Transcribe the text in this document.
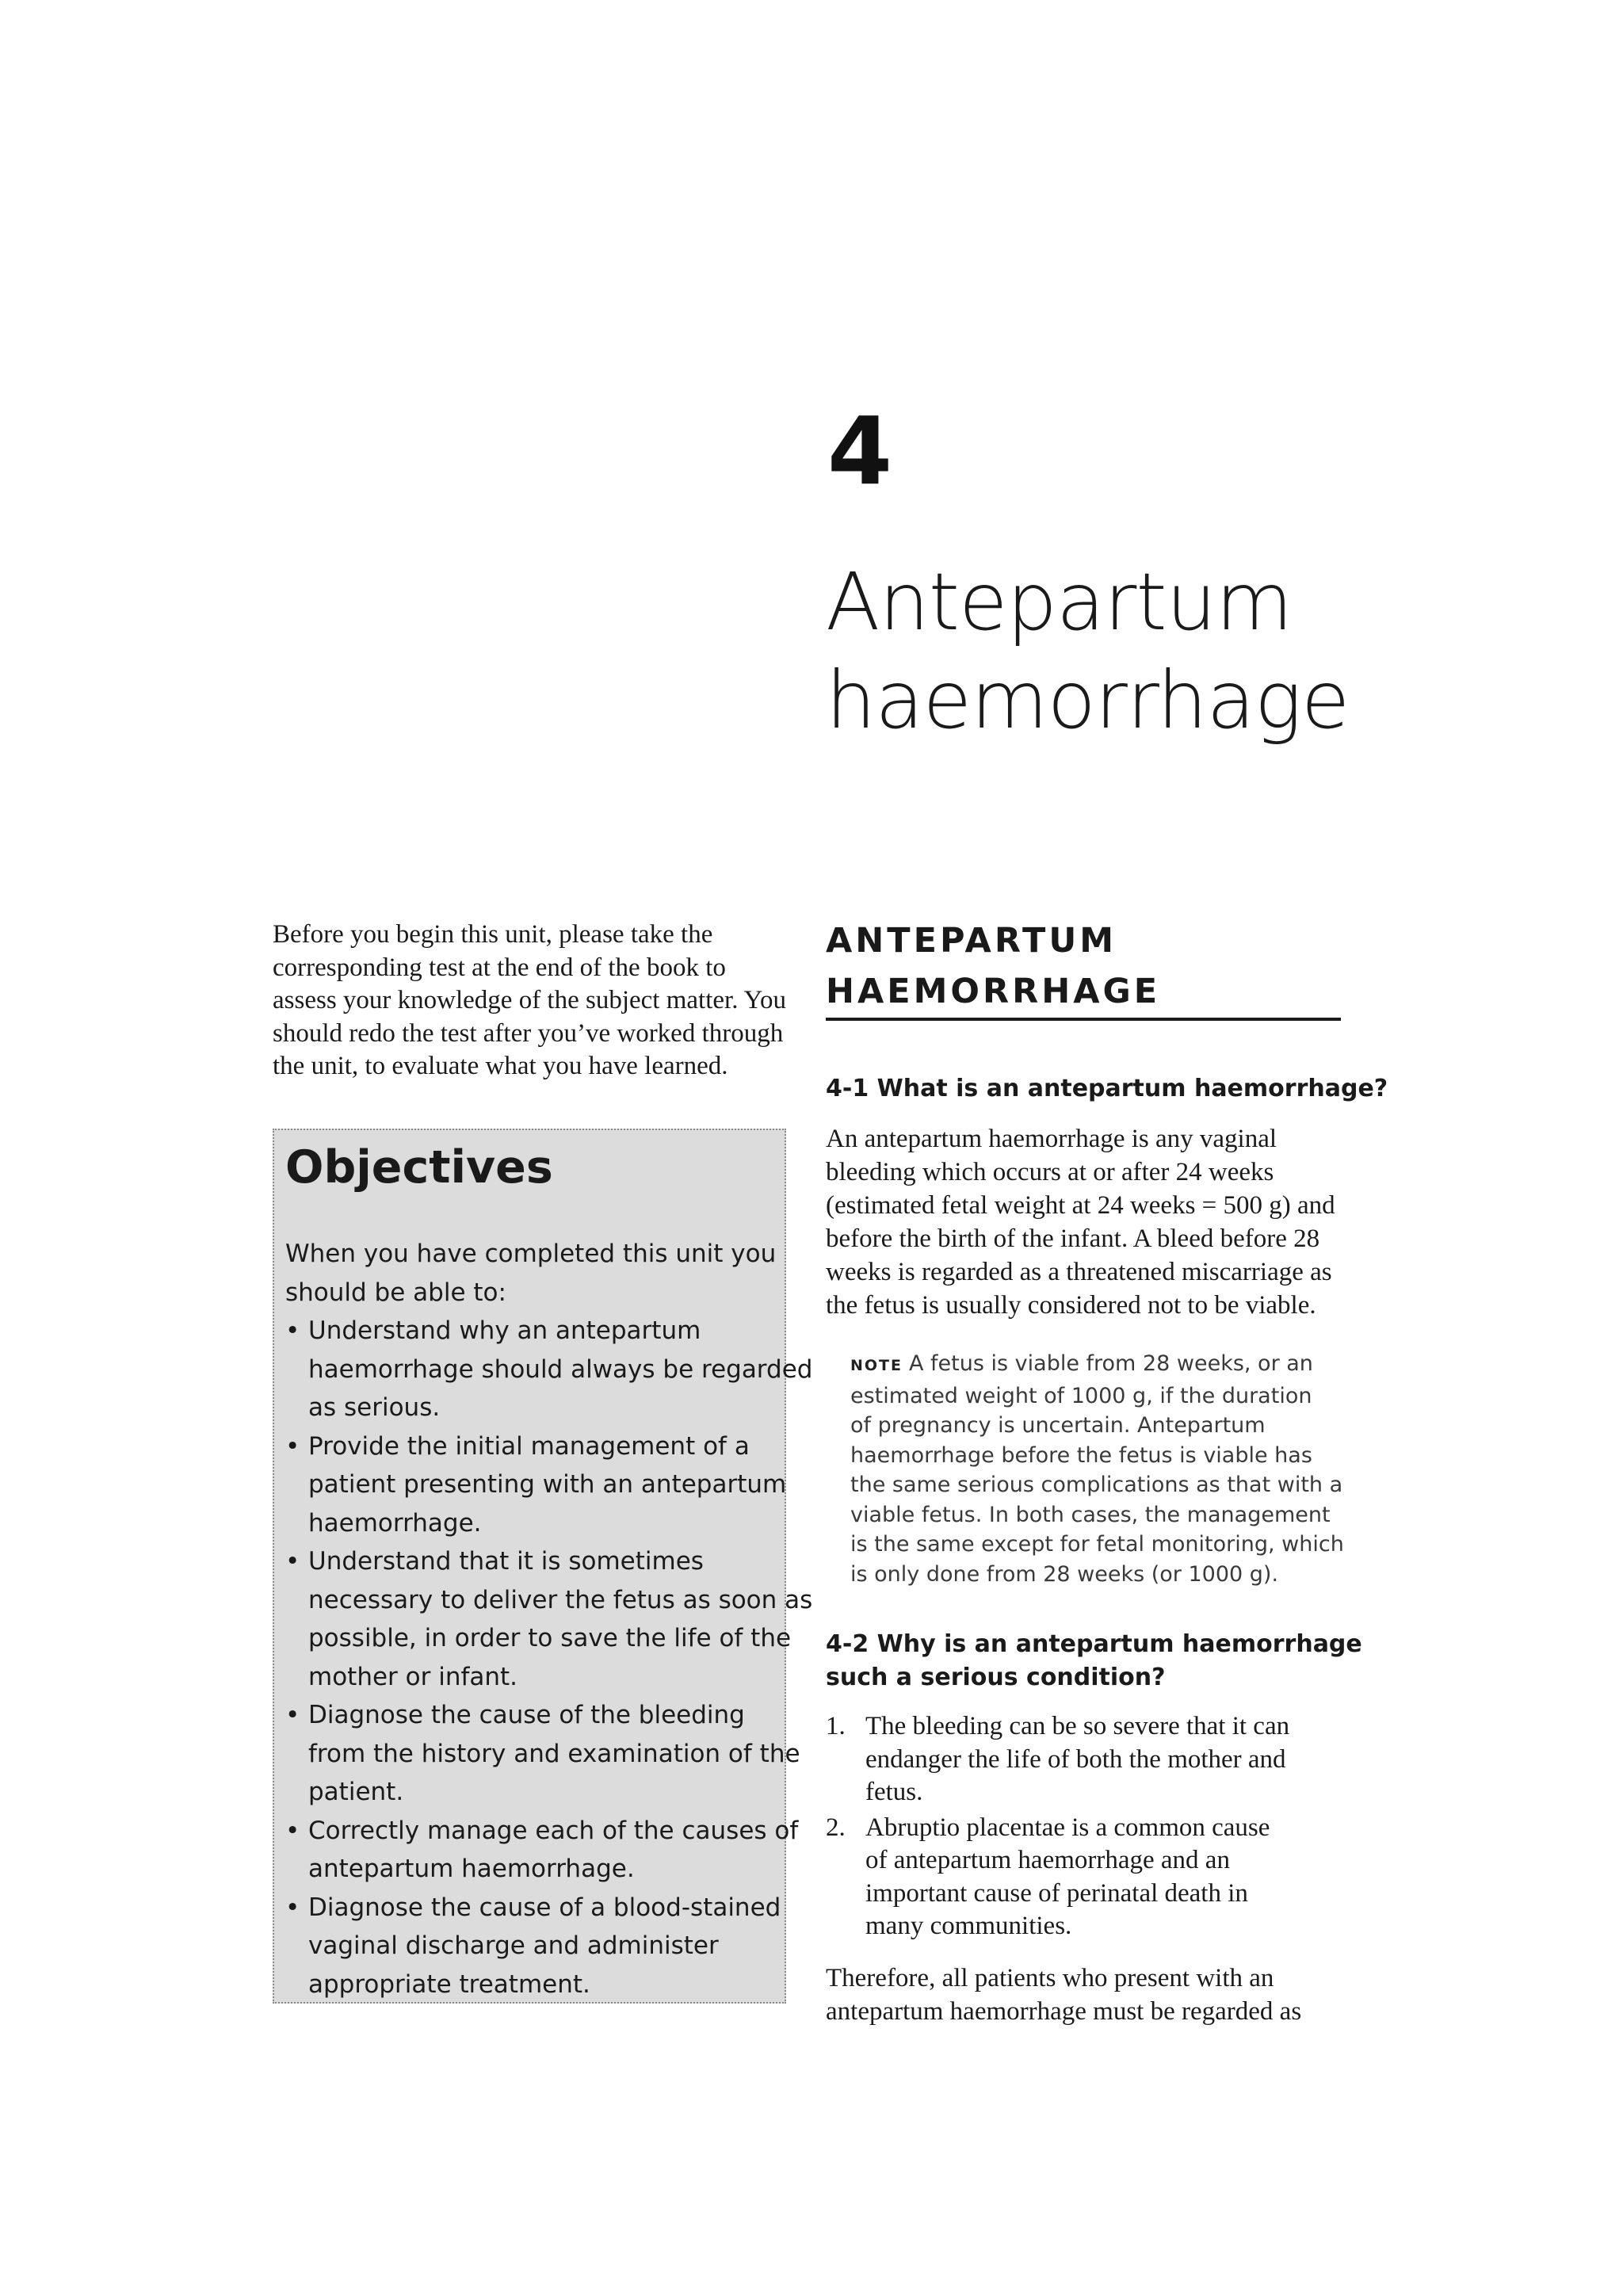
4
Antepartum
haemorrhage
Before you begin this unit, please take the
corresponding test at the end of the book to
assess your knowledge of the subject matter. You
should redo the test after you’ve worked through
the unit, to evaluate what you have learned.
Objectives
When you have completed this unit you
should be able to:
• Understand why an antepartum
haemorrhage should always be regarded
as serious.
• Provide the initial management of a
patient presenting with an antepartum
haemorrhage.
• Understand that it is sometimes
necessary to deliver the fetus as soon as
possible, in order to save the life of the
mother or infant.
• Diagnose the cause of the bleeding
from the history and examination of the
patient.
• Correctly manage each of the causes of
antepartum haemorrhage.
• Diagnose the cause of a blood-stained
vaginal discharge and administer
appropriate treatment.
ANTEPARTUM
HAEMORRHAGE
4-1 What is an antepartum haemorrhage?
An antepartum haemorrhage is any vaginal
bleeding which occurs at or after 24 weeks
(estimated fetal weight at 24 weeks = 500 g) and
before the birth of the infant. A bleed before 28
weeks is regarded as a threatened miscarriage as
the fetus is usually considered not to be viable.
NOTE A fetus is viable from 28 weeks, or an
estimated weight of 1000 g, if the duration
of pregnancy is uncertain. Antepartum
haemorrhage before the fetus is viable has
the same serious complications as that with a
viable fetus. In both cases, the management
is the same except for fetal monitoring, which
is only done from 28 weeks (or 1000 g).
4-2 Why is an antepartum haemorrhage
such a serious condition?
1. The bleeding can be so severe that it can
endanger the life of both the mother and
fetus.
2. Abruptio placentae is a common cause
of antepartum haemorrhage and an
important cause of perinatal death in
many communities.
Therefore, all patients who present with an
antepartum haemorrhage must be regarded as
